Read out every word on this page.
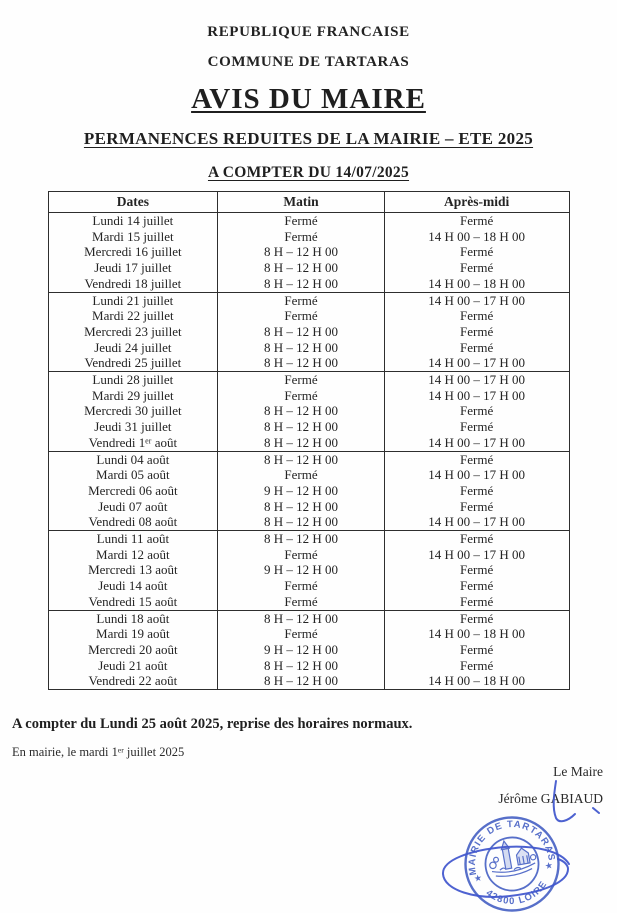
REPUBLIQUE FRANCAISE

COMMUNE DE TARTARAS

AVIS DU MAIRE
PERMANENCES REDUITES DE LA MAIRIE – ETE 2025
A COMPTER DU 14/07/2025
Dates	Matin	Après-midi
Lundi 14 juillet	Fermé	Fermé
Mardi 15 juillet	Fermé	14 H 00 – 18 H 00
Mercredi 16 juillet	8 H – 12 H 00	Fermé
Jeudi 17 juillet	8 H – 12 H 00	Fermé
Vendredi 18 juillet	8 H – 12 H 00	14 H 00 – 18 H 00
Lundi 21 juillet	Fermé	14 H 00 – 17 H 00
Mardi 22 juillet	Fermé	Fermé
Mercredi 23 juillet	8 H – 12 H 00	Fermé
Jeudi 24 juillet	8 H – 12 H 00	Fermé
Vendredi 25 juillet	8 H – 12 H 00	14 H 00 – 17 H 00
Lundi 28 juillet	Fermé	14 H 00 – 17 H 00
Mardi 29 juillet	Fermé	14 H 00 – 17 H 00
Mercredi 30 juillet	8 H – 12 H 00	Fermé
Jeudi 31 juillet	8 H – 12 H 00	Fermé
Vendredi 1ᵉʳ août	8 H – 12 H 00	14 H 00 – 17 H 00
Lundi 04 août	8 H – 12 H 00	Fermé
Mardi 05 août	Fermé	14 H 00 – 17 H 00
Mercredi 06 août	9 H – 12 H 00	Fermé
Jeudi 07 août	8 H – 12 H 00	Fermé
Vendredi 08 août	8 H – 12 H 00	14 H 00 – 17 H 00
Lundi 11 août	8 H – 12 H 00	Fermé
Mardi 12 août	Fermé	14 H 00 – 17 H 00
Mercredi 13 août	9 H – 12 H 00	Fermé
Jeudi 14 août	Fermé	Fermé
Vendredi 15 août	Fermé	Fermé
Lundi 18 août	8 H – 12 H 00	Fermé
Mardi 19 août	Fermé	14 H 00 – 18 H 00
Mercredi 20 août	9 H – 12 H 00	Fermé
Jeudi 21 août	8 H – 12 H 00	Fermé
Vendredi 22 août	8 H – 12 H 00	14 H 00 – 18 H 00

A compter du Lundi 25 août 2025, reprise des horaires normaux.

En mairie, le mardi 1ᵉʳ juillet 2025

Le Maire
Jérôme GABIAUD
MAIRIE DE TARTARAS
42800 LOIRE
★
★
